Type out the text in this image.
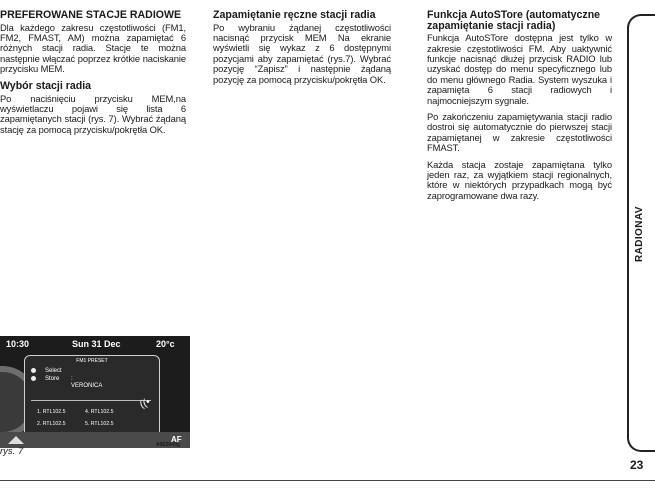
PREFEROWANE STACJE RADIOWE

Dla każdego zakresu częstotliwości (FM1, FM2, FMAST, AM) można zapamiętać 6 różnych stacji radia. Stacje te można następnie włączać poprzez krótkie naciskanie przycisku MEM.

Wybór stacji radia

Po naciśnięciu przycisku MEM,na wyświetlaczu pojawi się lista 6 zapamiętanych stacji (rys. 7). Wybrać żądaną stację za pomocą przycisku/pokrętła OK.

Zapamiętanie ręczne stacji radia

Po wybraniu żądanej częstotliwości nacisnąć przycisk MEM Na ekranie wyświetli się wykaz z 6 dostępnymi pozycjami aby zapamiętać (rys.7). Wybrać pozycję “Zapisz” i następnie żądaną pozycję za pomocą przycisku/pokrętła OK.

Funkcja AutoSTore (automatyczne zapamiętanie stacji radia)

Funkcja AutoSTore dostępna jest tylko w zakresie częstotliwości FM. Aby uaktywnić funkcje nacisnąć dłużej przycisk RADIO lub uzyskać dostęp do menu specyficznego lub do menu głównego Radia. System wyszuka i zapamięta 6 stacji radiowych i najmocniejszym sygnale.

Po zakończeniu zapamiętywania stacji radio dostroi się automatycznie do pierwszej stacji zapamiętanej w zakresie częstotliwości FMAST.

Każda stacja zostaje zapamiętana tylko jeden raz, za wyjątkiem stacji regionalnych, które w niektórych przypadkach mogą być zaprogramowane dwa razy.

RADIONAV
23
10:30	Sun 31 Dec	20°c
FM1 PRESET
Select
Store : VERONICA
1. RTL102.5	4. RTL102.5
2. RTL102.5	5. RTL102.5
((•
AF
rys. 7
A0E5049g
